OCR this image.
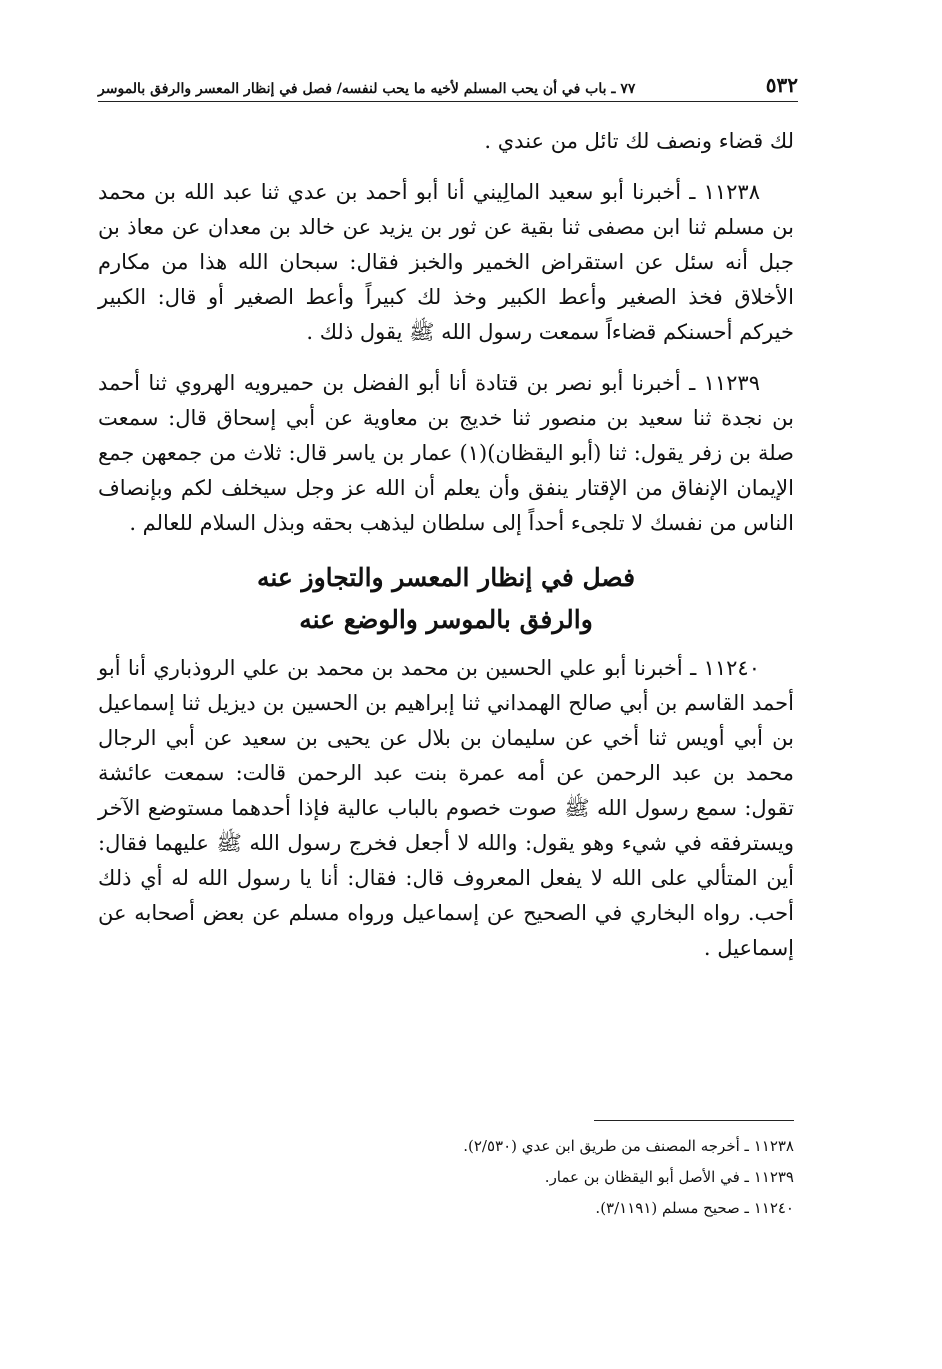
٥٣٢
٧٧ ـ باب في أن يحب المسلم لأخيه ما يحب لنفسه/ فصل في إنظار المعسر والرفق بالموسر

لك قضاء ونصف لك تائل من عندي .

١١٢٣٨ ـ أخبرنا أبو سعيد المالِيني أنا أبو أحمد بن عدي ثنا عبد الله بن محمد بن مسلم ثنا ابن مصفى ثنا بقية عن ثور بن يزيد عن خالد بن معدان عن معاذ بن جبل أنه سئل عن استقراض الخمير والخبز فقال: سبحان الله هذا من مكارم الأخلاق فخذ الصغير وأعط الكبير وخذ لك كبيراً وأعط الصغير أو قال: الكبير خيركم أحسنكم قضاءاً سمعت رسول الله ﷺ يقول ذلك .

١١٢٣٩ ـ أخبرنا أبو نصر بن قتادة أنا أبو الفضل بن حميرويه الهروي ثنا أحمد بن نجدة ثنا سعيد بن منصور ثنا خديج بن معاوية عن أبي إسحاق قال: سمعت صلة بن زفر يقول: ثنا (أبو اليقظان)(١) عمار بن ياسر قال: ثلاث من جمعهن جمع الإيمان الإنفاق من الإقتار ينفق وأن يعلم أن الله عز وجل سيخلف لكم وبإنصاف الناس من نفسك لا تلجىء أحداً إلى سلطان ليذهب بحقه وبذل السلام للعالم .

فصل في إنظار المعسر والتجاوز عنه
والرفق بالموسر والوضع عنه

١١٢٤٠ ـ أخبرنا أبو علي الحسين بن محمد بن محمد بن علي الروذباري أنا أبو أحمد القاسم بن أبي صالح الهمداني ثنا إبراهيم بن الحسين بن ديزيل ثنا إسماعيل بن أبي أويس ثنا أخي عن سليمان بن بلال عن يحيى بن سعيد عن أبي الرجال محمد بن عبد الرحمن عن أمه عمرة بنت عبد الرحمن قالت: سمعت عائشة تقول: سمع رسول الله ﷺ صوت خصوم بالباب عالية فإذا أحدهما مستوضع الآخر ويسترفقه في شيء وهو يقول: والله لا أجعل فخرج رسول الله ﷺ عليهما فقال: أين المتألي على الله لا يفعل المعروف قال: فقال: أنا يا رسول الله له أي ذلك أحب. رواه البخاري في الصحيح عن إسماعيل ورواه مسلم عن بعض أصحابه عن إسماعيل .

١١٢٣٨ ـ أخرجه المصنف من طريق ابن عدي (٢/٥٣٠).
١١٢٣٩ ـ في الأصل أبو اليقظان بن عمار.
١١٢٤٠ ـ صحيح مسلم (٣/١١٩١).
